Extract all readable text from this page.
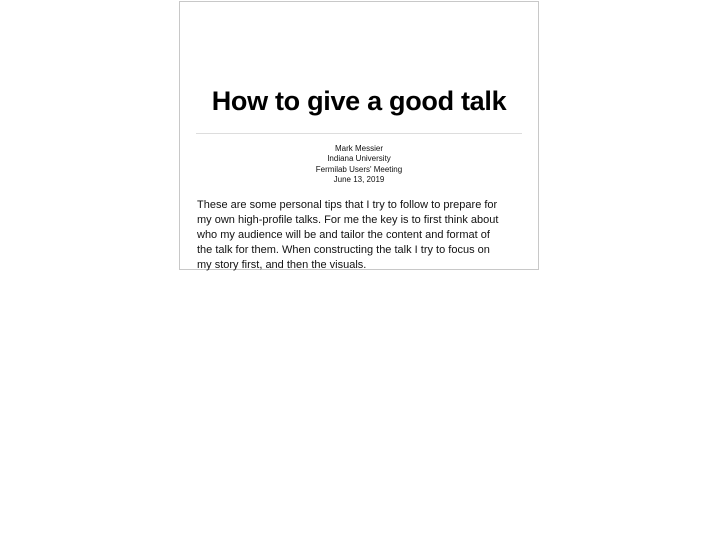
How to give a good talk
Mark Messier
Indiana University
Fermilab Users' Meeting
June 13, 2019
These are some personal tips that I try to follow to prepare for
my own high-profile talks. For me the key is to first think about
who my audience will be and tailor the content and format of
the talk for them. When constructing the talk I try to focus on
my story first, and then the visuals.
